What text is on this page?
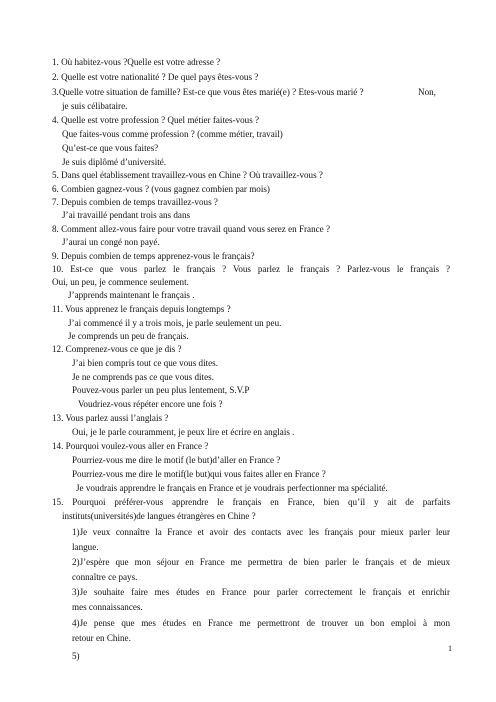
1. Où habitez-vous ?Quelle est votre adresse ?
2. Quelle est votre nationalité ? De quel pays êtes-vous ?
3.Quelle votre situation de famille? Est-ce que vous êtes marié(e) ? Etes-vous marié ?	Non,
je suis célibataire.
4. Quelle est votre profession ? Quel métier faites-vous ?
Que faites-vous comme profession ? (comme métier, travail)
Qu’est-ce que vous faites?
Je suis diplômé d’université.
5. Dans quel établissement travaillez-vous en Chine ? Où travaillez-vous ?
6. Combien gagnez-vous ? (vous gagnez combien par mois)
7. Depuis combien de temps travaillez-vous ?
J’ai travaillé pendant trois ans dans
8. Comment allez-vous faire pour votre travail quand vous serez en France ?
J’aurai un congé non payé.
9. Depuis combien de temps apprenez-vous le français?
10. Est-ce que vous parlez le français ? Vous parlez le français ? Parlez-vous le français ?
Oui, un peu, je commence seulement.
J’apprends maintenant le français .
11. Vous apprenez le français depuis longtemps ?
J’ai commencé il y a trois mois, je parle seulement un peu.
Je comprends un peu de français.
12. Comprenez-vous ce que je dis ?
J’ai bien compris tout ce que vous dites.
Je ne comprends pas ce que vous dites.
Pouvez-vous parler un peu plus lentement, S.V.P
Voudriez-vous répéter encore une fois ?
13. Vous parlez aussi l’anglais ?
Oui, je le parle couramment, je peux lire et écrire en anglais .
14. Pourquoi voulez-vous aller en France ?
Pourriez-vous me dire le motif (le but)d’aller en France ?
Pourriez-vous me dire le motif(le but)qui vous faites aller en France ?
Je voudrais apprendre le français en France et je voudrais perfectionner ma spécialité.
15. Pourquoi préférer-vous apprendre le français en France, bien qu’il y ait de parfaits
instituts(universités)de langues étrangères en Chine ?
1)Je veux connaître la France et avoir des contacts avec les français pour mieux parler leur
langue.
2)J’espère que mon séjour en France me permettra de bien parler le français et de mieux
connaître ce pays.
3)Je souhaite faire mes études en France pour parler correctement le français et enrichir
mes connaissances.
4)Je pense que mes études en France me permettront de trouver un bon emploi à mon
retour en Chine.
5)
1
